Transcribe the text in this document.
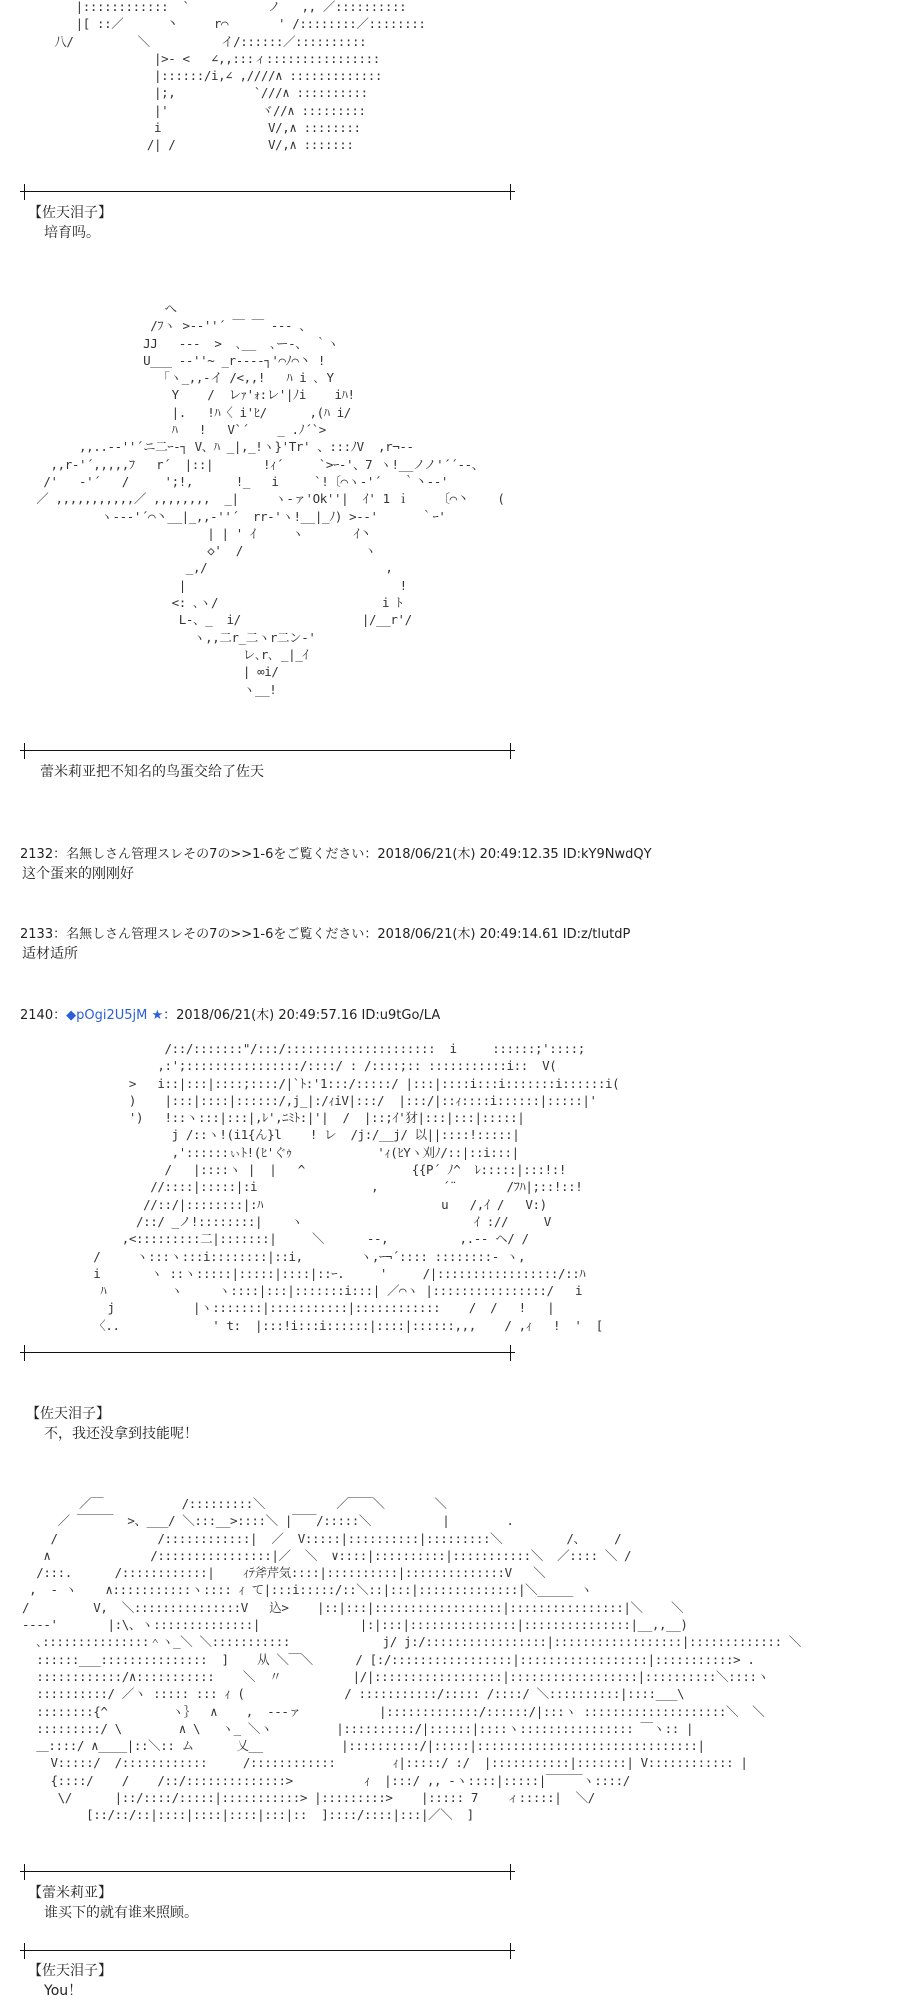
|::::::::::::  `           ノ   ,, ／::::::::::
|[ ::／      丶     r⌒       ' /::::::::／::::::::
八/         ＼          イ/::::::／::::::::::
|>‐ <   ∠,,:::ィ::::::::::::::::
|::::::/i,∠ ,////∧ :::::::::::::
|;,           `///∧ ::::::::::
|'             ヾ//∧ :::::::::
i               V/,∧ ::::::::
/| /             V/,∧ :::::::
【佐天泪子】
培育吗。
へ
/ﾌヽ >-‐''´ ￣ ￣ ‐-- 、
JJ   ---  >  ､__  ､ー-、 ｀ヽ
U___ -‐''~ _r--‐-┐'⌒ﾉ⌒丶 !
「ヽ_,,-イ /<,,!   ﾊ i ､ Y
Y    /  レｧ'ｫ:レ'|ﾉi    iﾊ!
|.   !ﾊ〈 i'ﾋ/      ,(ﾊ i/
ﾊ   !   V`´    _ .ﾉ´`>
,,..-‐''´ニ二ｰ‐┐ V、ﾊ _|,_!ヽ}'Tr' 、:::ﾉV  ,r¬‐-
,,r‐'´,,,,,ﾌ   r´  |::|       !ｨ´     `>ｰ-'、7 ヽ!__ノノ'´´‐-、
/'   ‐'´   /     ';!,      !_   i     `!〔⌒ヽ‐'´   ｀丶--'
／ ,,,,,,,,,,,／ ,,,,,,,,  _|     ヽ-ァ'Ok''|  ｲ' 1 ｉ    〔⌒丶    (
ヽ--‐'´⌒丶__|_,,-''´  rr‐'ヽ!__|_ﾉ) >-‐'      ｀ｰ'
| | ' ｲ     ヽ       ｲ丶
◇'  /                 ヽ
_,/                         ,
|                              !
<: ､ヽ/                       i ﾄ
L‐、_  i/                 |/__r'/
ヽ,,二r_二ヽr二ン‐'
レ､r､ _|_ｲ
| ∞i/
ヽ__!
蕾米莉亚把不知名的鸟蛋交给了佐天
2132：名無しさん管理スレその7の>>1-6をご覧ください：2018/06/21(木) 20:49:12.35 ID:kY9NwdQY
这个蛋来的刚刚好
2133：名無しさん管理スレその7の>>1-6をご覧ください：2018/06/21(木) 20:49:14.61 ID:z/tlutdP
适材适所
2140：◆pOgi2U5jM ★：2018/06/21(木) 20:49:57.16 ID:u9tGo/LA
/::/:::::::"/:::/:::::::::::::::::::::  i     ::::::;'::::;
,:';::::::::::::::::/::::/ : /::::;:: :::::::::::i::  V(
>   i::|:::|::::;::::/|`ﾄ:'1:::/:::::/ |:::|::::i:::i:::::::i::::::i(
)    |:::|::::|::::::/,j_|:/ｨiV|:::/  |:::/|::ｨ::::i::::::|:::::|'
')   !::ヽ:::|:::|,ﾚ',ﾆﾐﾄ:|'|  /  |::;ｲ'犲|:::|:::|:::::|
j /::ヽ!(i1{ん}l    ! レ  /j:/__j/ 以||::::!:::::|
,'::::::ぃﾄ!(ﾋ'ぐｩ            'ｨ(ﾋYヽ刈ﾉ/::|::i:::|
/   |::::ヽ |  |   ^               {{P´ ﾉ^  ﾚ:::::|:::!:!
//::::|:::::|:i                ,         ´¨       /ﾌﾊ|;::!::!
//::/|::::::::|:ﾊ                         u   /,ｲ /   V:)
/::/ _ノ!::::::::|    ヽ                        ｲ ://     V
,<:::::::::二|:::::::|     ＼      --,          ,.-‐ ヘ/ /
/     ヽ:::ヽ:::i::::::::|::i,        ヽ,ｰ¬´:::: ::::::::‐ ヽ,
i       ヽ ::ヽ:::::|:::::|::::|::ｰ.     '     /|:::::::::::::::::/::ﾊ
ﾊ         ヽ     ヽ::::|:::|:::::::i:::| ／⌒ヽ |::::::::::::::::/   i
j           |ヽ:::::::|:::::::::::|::::::::::::    /  /   !   |
〈..             ' t:  |:::!i:::i::::::|::::|::::::,,,    / ,ｨ   !  '  [
【佐天泪子】
不，我还没拿到技能呢！
／￣           /:::::::::＼          ／￣￣＼       ＼
／ ￣￣￣  >、___/ ＼:::__>::::＼ |￣￣/:::::＼          |        .
/              /::::::::::::|  ／  V:::::|::::::::::|:::::::::＼         /、    /
∧              /::::::::::::::::|／  ＼  ∨::::|::::::::::|:::::::::::＼  ／:::: ＼ /
/:::.      /::::::::::::|    ｨﾃ斧芹気::::|::::::::::|::::::::::::::V   ＼
,  ‐ ヽ    ∧:::::::::::ヽ:::: ｨ て|:::i:::::/::＼::|:::|::::::::::::::|＼_____ ヽ
/         V,  ＼:::::::::::::::V   込>    |::|:::|::::::::::::::::::|::::::::::::::::|＼    ＼
‐‐‐‐'       |:\、ヽ::::::::::::::|              |:|:::|:::::::::::::::|:::::::::::::::|__,,__)
､:::::::::::::::＾ヽ_＼ ＼:::::::::::             j/ j:/:::::::::::::::::|::::::::::::::::::|::::::::::::: ＼
::::::___:::::::::::::::  ]    从 ＼￣＼      / [:/:::::::::::::::::|::::::::::::::::::|:::::::::::> .
::::::::::::/∧:::::::::::    ＼  〃          |/|::::::::::::::::::|::::::::::::::::::|::::::::::＼::::ヽ
::::::::::/ ／ヽ ::::: ::: ｨ (              / :::::::::::/::::: /::::/ ＼::::::::::|::::___\
::::::::{^         ヽ｝  ∧    ,  ‐‐‐ァ           |:::::::::::::/::::::/|:::ヽ ::::::::::::::::::::＼  ＼
:::::::::/ \        ∧ \   ヽ_ ＼ヽ         |::::::::::/|::::::|::::ヽ:::::::::::::::: ￣ヽ:: |
＿::::/ ∧____|::＼:: ム      乂__           |::::::::::/|:::::|:::::::::::::::::::::::::::::::|
V:::::/  /::::::::::::     /::::::::::::        ｨ|:::::/ :/  |:::::::::::|:::::::| V:::::::::::: |
{::::/    /    /::/::::::::::::::>          ｨ  |:::/ ,, ‐ヽ::::|:::::|￣￣￣ヽ::::/
\/      |::/::::/:::::|:::::::::::> |:::::::::>    |::::: 7    ィ:::::|  ＼/
[::/::/::|::::|::::|::::|:::|::  ]::::/::::|:::|／＼  ]
【蕾米莉亚】
谁买下的就有谁来照顾。
【佐天泪子】
You！
